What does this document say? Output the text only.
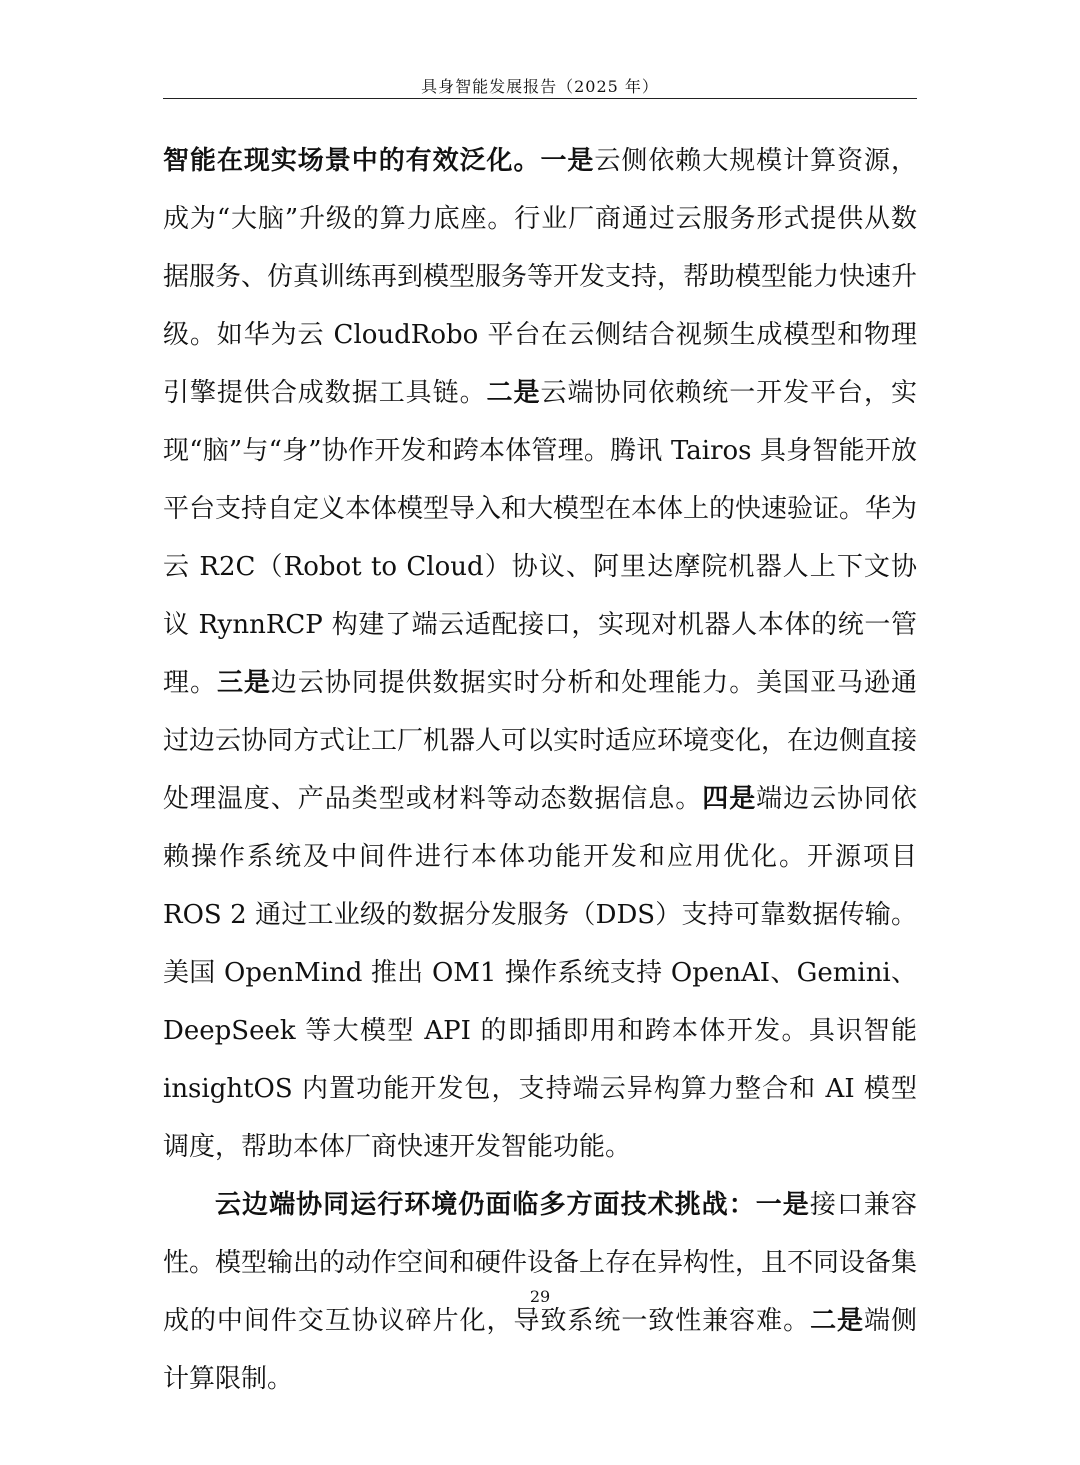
具身智能发展报告（2025 年）

智能在现实场景中的有效泛化。一是云侧依赖大规模计算资源，成为“大脑”升级的算力底座。行业厂商通过云服务形式提供从数据服务、仿真训练再到模型服务等开发支持，帮助模型能力快速升级。如华为云 CloudRobo 平台在云侧结合视频生成模型和物理引擎提供合成数据工具链。二是云端协同依赖统一开发平台，实现“脑”与“身”协作开发和跨本体管理。腾讯 Tairos 具身智能开放平台支持自定义本体模型导入和大模型在本体上的快速验证。华为云 R2C（Robot to Cloud）协议、阿里达摩院机器人上下文协议 RynnRCP 构建了端云适配接口，实现对机器人本体的统一管理。三是边云协同提供数据实时分析和处理能力。美国亚马逊通过边云协同方式让工厂机器人可以实时适应环境变化，在边侧直接处理温度、产品类型或材料等动态数据信息。四是端边云协同依赖操作系统及中间件进行本体功能开发和应用优化。开源项目 ROS 2 通过工业级的数据分发服务（DDS）支持可靠数据传输。美国 OpenMind 推出 OM1 操作系统支持 OpenAI、Gemini、DeepSeek 等大模型 API 的即插即用和跨本体开发。具识智能 insightOS 内置功能开发包，支持端云异构算力整合和 AI 模型调度，帮助本体厂商快速开发智能功能。

云边端协同运行环境仍面临多方面技术挑战：一是接口兼容性。模型输出的动作空间和硬件设备上存在异构性，且不同设备集成的中间件交互协议碎片化，导致系统一致性兼容难。二是端侧计算限制。

29
